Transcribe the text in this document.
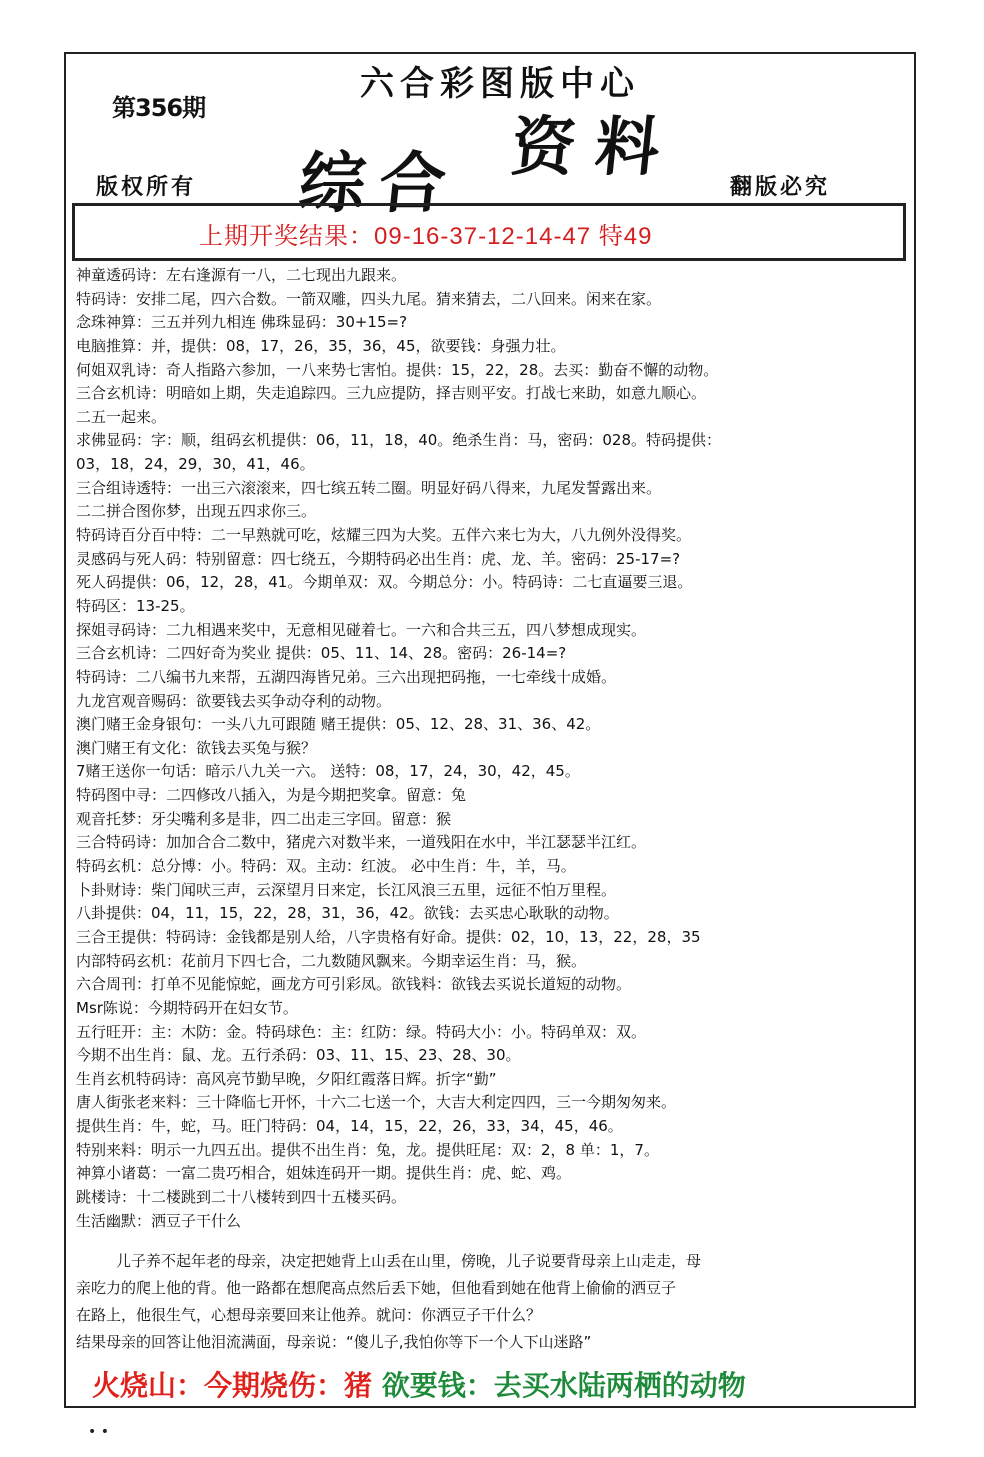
第356期
六合彩图版中心
综合 资料
版权所有	翻版必究
上期开奖结果：09-16-37-12-14-47 特49
神童透码诗：左右逢源有一八，二七现出九跟来。
特码诗：安排二尾，四六合数。一箭双雕，四头九尾。猜来猜去，二八回来。闲来在家。
念珠神算：三五并列九相连 佛珠显码：30+15=?
电脑推算：并，提供：08，17，26，35，36，45，欲要钱：身强力壮。
何姐双乳诗：奇人指路六参加，一八来势七害怕。提供：15，22，28。去买：勤奋不懈的动物。
三合玄机诗：明暗如上期，失走追踪四。三九应提防，择吉则平安。打战七来助，如意九顺心。
二五一起来。
求佛显码：字：顺，组码玄机提供：06，11，18，40。绝杀生肖：马，密码：028。特码提供：
03，18，24，29，30，41，46。
三合组诗透特：一出三六滚滚来，四七缤五转二圈。明显好码八得来，九尾发誓露出来。
二二拼合图你梦，出现五四求你三。
特码诗百分百中特：二一早熟就可吃，炫耀三四为大奖。五伴六来七为大，八九例外没得奖。
灵感码与死人码：特别留意：四七绕五，今期特码必出生肖：虎、龙、羊。密码：25-17=?
死人码提供：06，12，28，41。今期单双：双。今期总分：小。特码诗：二七直逼要三退。
特码区：13-25。
探姐寻码诗：二九相遇来奖中，无意相见碰着七。一六和合共三五，四八梦想成现实。
三合玄机诗：二四好奇为奖业 提供：05、11、14、28。密码：26-14=?
特码诗：二八编书九来帮，五湖四海皆兄弟。三六出现把码拖，一七牵线十成婚。
九龙宫观音赐码：欲要钱去买争动夺利的动物。
澳门赌王金身银句：一头八九可跟随 赌王提供：05、12、28、31、36、42。
澳门赌王有文化：欲钱去买兔与猴？
7赌王送你一句话：暗示八九关一六。 送特：08，17，24，30，42，45。
特码图中寻：二四修改八插入，为是今期把奖拿。留意：兔
观音托梦：牙尖嘴利多是非，四二出走三字回。留意：猴
三合特码诗：加加合合二数中，猪虎六对数半来，一道残阳在水中，半江瑟瑟半江红。
特码玄机：总分博：小。特码：双。主动：红波。 必中生肖：牛，羊，马。
卜卦财诗：柴门闻吠三声，云深望月日来定，长江风浪三五里，远征不怕万里程。
八卦提供：04，11，15，22，28，31，36，42。欲钱：去买忠心耿耿的动物。
三合王提供：特码诗：金钱都是别人给，八字贵格有好命。提供：02，10，13，22，28，35
内部特码玄机：花前月下四七合，二九数随风飘来。今期幸运生肖：马，猴。
六合周刊：打单不见能惊蛇，画龙方可引彩凤。欲钱料：欲钱去买说长道短的动物。
Msr陈说：今期特码开在妇女节。
五行旺开：主：木防：金。特码球色：主：红防：绿。特码大小：小。特码单双：双。
今期不出生肖：鼠、龙。五行杀码：03、11、15、23、28、30。
生肖玄机特码诗：高风亮节勤早晚，夕阳红霞落日辉。折字“勤”
唐人街张老来料：三十降临七开怀，十六二七送一个，大吉大利定四四，三一今期匆匆来。
提供生肖：牛，蛇，马。旺门特码：04，14，15，22，26，33，34，45，46。
特别来料：明示一九四五出。提供不出生肖：兔，龙。提供旺尾：双：2，8 单：1，7。
神算小诸葛：一富二贵巧相合，姐妹连码开一期。提供生肖：虎、蛇、鸡。
跳楼诗：十二楼跳到二十八楼转到四十五楼买码。
生活幽默：洒豆子干什么
儿子养不起年老的母亲，决定把她背上山丢在山里，傍晚，儿子说要背母亲上山走走，母
亲吃力的爬上他的背。他一路都在想爬高点然后丢下她，但他看到她在他背上偷偷的洒豆子
在路上，他很生气，心想母亲要回来让他养。就问：你洒豆子干什么？
结果母亲的回答让他泪流满面，母亲说：“傻儿子,我怕你等下一个人下山迷路”
火烧山：今期烧伤：猪 欲要钱：去买水陆两栖的动物
• •
